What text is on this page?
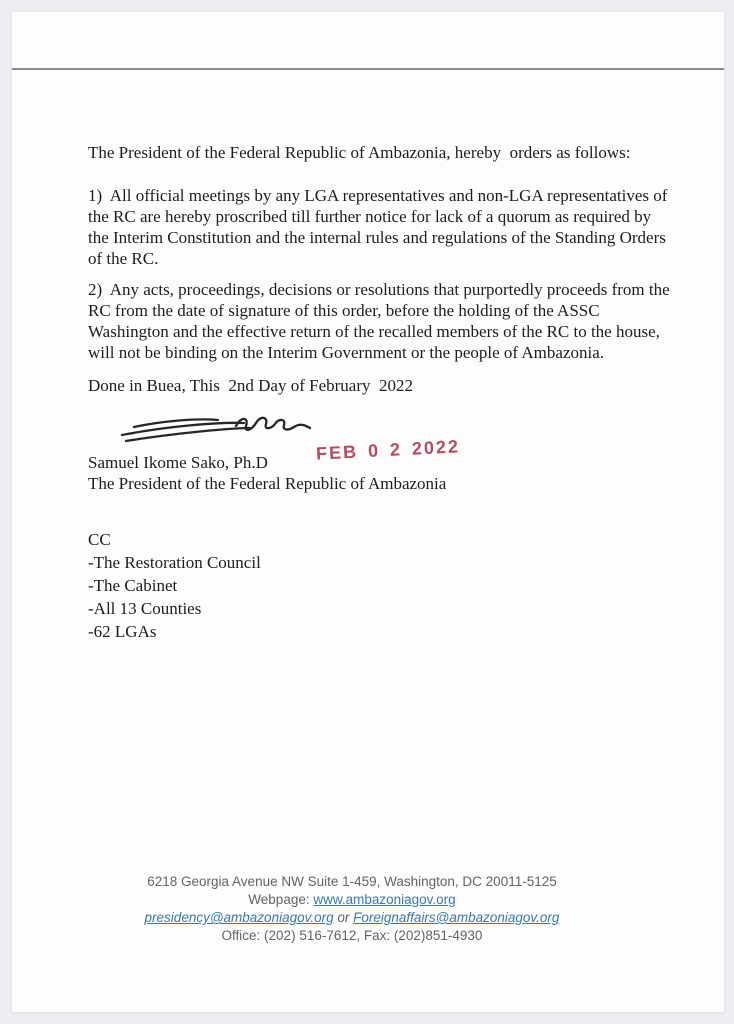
The President of the Federal Republic of Ambazonia, hereby  orders as follows:

1)  All official meetings by any LGA representatives and non-LGA representatives of the RC are hereby proscribed till further notice for lack of a quorum as required by the Interim Constitution and the internal rules and regulations of the Standing Orders of the RC.

2)  Any acts, proceedings, decisions or resolutions that purportedly proceeds from the RC from the date of signature of this order, before the holding of the ASSC Washington and the effective return of the recalled members of the RC to the house, will not be binding on the Interim Government or the people of Ambazonia.

Done in Buea, This  2nd Day of February  2022

Samuel Ikome Sako, Ph.D	FEB 0 2 2022
The President of the Federal Republic of Ambazonia
CC
-The Restoration Council
-The Cabinet
-All 13 Counties
-62 LGAs
6218 Georgia Avenue NW Suite 1-459, Washington, DC 20011-5125
Webpage: www.ambazoniagov.org
presidency@ambazoniagov.org or Foreignaffairs@ambazoniagov.org
Office: (202) 516-7612, Fax: (202)851-4930
